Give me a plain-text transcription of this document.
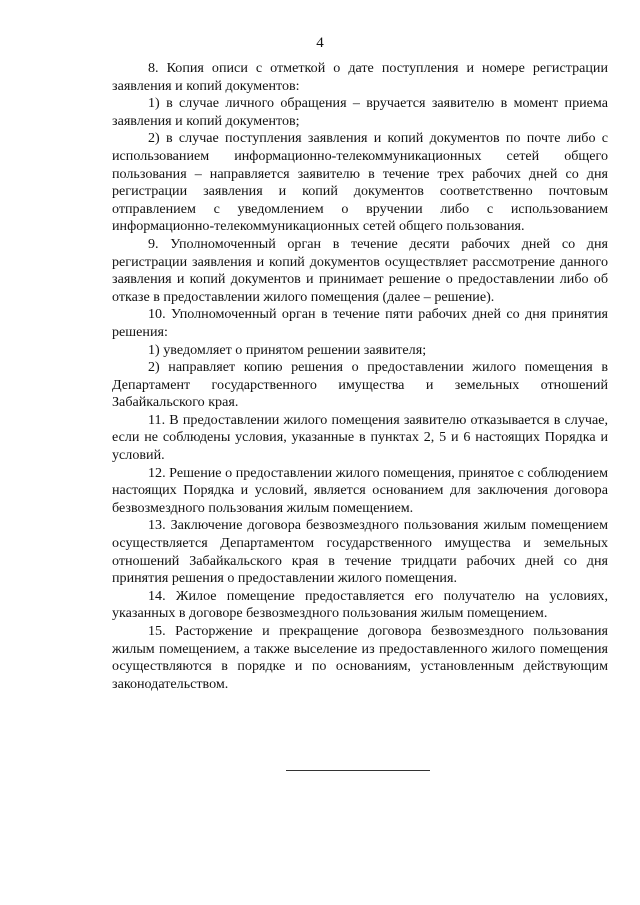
4

8. Копия описи с отметкой о дате поступления и номере регистрации заявления и копий документов:

1) в случае личного обращения – вручается заявителю в момент приема заявления и копий документов;

2) в случае поступления заявления и копий документов по почте либо с использованием информационно-телекоммуникационных сетей общего пользования – направляется заявителю в течение трех рабочих дней со дня регистрации заявления и копий документов соответственно почтовым отправлением с уведомлением о вручении либо с использованием информационно-телекоммуникационных сетей общего пользования.

9. Уполномоченный орган в течение десяти рабочих дней со дня регистрации заявления и копий документов осуществляет рассмотрение данного заявления и копий документов и принимает решение о предоставлении либо об отказе в предоставлении жилого помещения (далее – решение).

10. Уполномоченный орган в течение пяти рабочих дней со дня принятия решения:

1) уведомляет о принятом решении заявителя;

2) направляет копию решения о предоставлении жилого помещения в Департамент государственного имущества и земельных отношений Забайкальского края.

11. В предоставлении жилого помещения заявителю отказывается в случае, если не соблюдены условия, указанные в пунктах 2, 5 и 6 настоящих Порядка и условий.

12. Решение о предоставлении жилого помещения, принятое с соблюдением настоящих Порядка и условий, является основанием для заключения договора безвозмездного пользования жилым помещением.

13. Заключение договора безвозмездного пользования жилым помещением осуществляется Департаментом государственного имущества и земельных отношений Забайкальского края в течение тридцати рабочих дней со дня принятия решения о предоставлении жилого помещения.

14. Жилое помещение предоставляется его получателю на условиях, указанных в договоре безвозмездного пользования жилым помещением.

15. Расторжение и прекращение договора безвозмездного пользования жилым помещением, а также выселение из предоставленного жилого помещения осуществляются в порядке и по основаниям, установленным действующим законодательством.
